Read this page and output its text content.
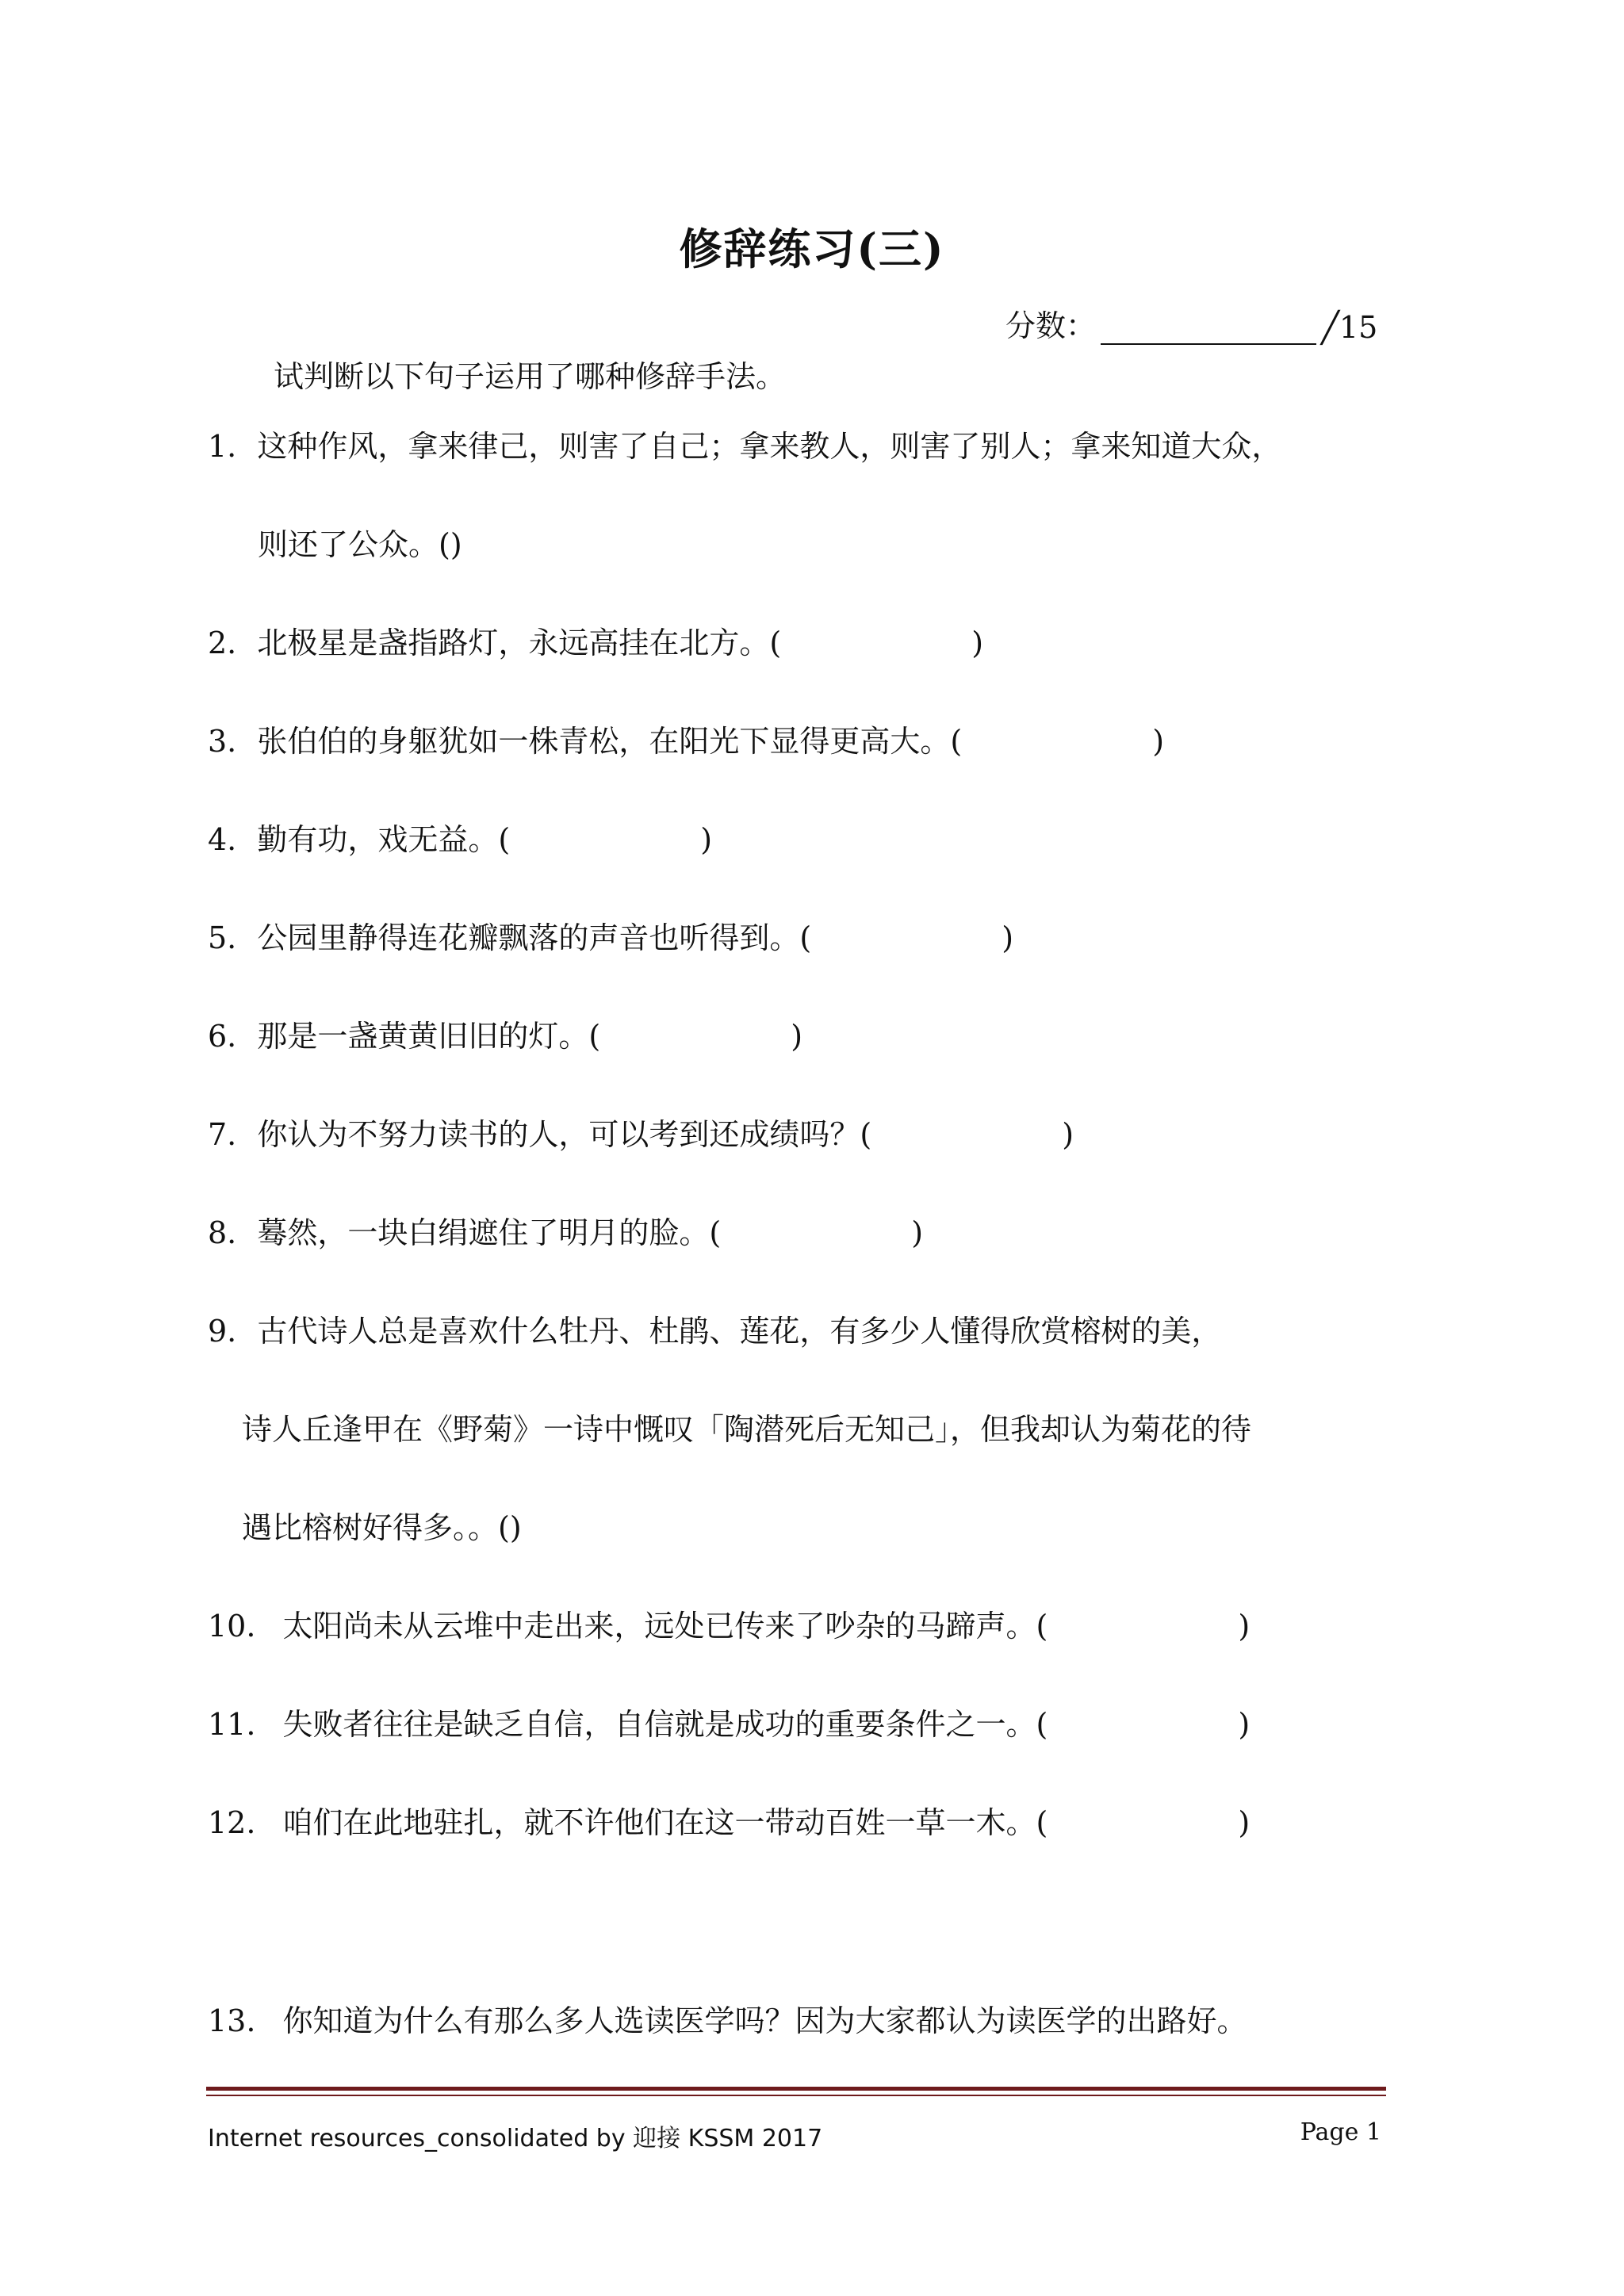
修辞练习(三)
分数：	╱15
试判断以下句子运用了哪种修辞手法。
1. 这种作风，拿来律己，则害了自己；拿来教人，则害了别人；拿来知道大众，
则还了公众。()
2. 北极星是盏指路灯，永远高挂在北方。(	)
3. 张伯伯的身躯犹如一株青松，在阳光下显得更高大。(	)
4. 勤有功，戏无益。(	)
5. 公园里静得连花瓣飘落的声音也听得到。(	)
6. 那是一盏黄黄旧旧的灯。(	)
7. 你认为不努力读书的人，可以考到还成绩吗？(	)
8. 蓦然，一块白绢遮住了明月的脸。(	)
9. 古代诗人总是喜欢什么牡丹、杜鹃、莲花，有多少人懂得欣赏榕树的美，
诗人丘逢甲在《野菊》一诗中慨叹「陶潜死后无知己」，但我却认为菊花的待
遇比榕树好得多。。()
10. 太阳尚未从云堆中走出来，远处已传来了吵杂的马蹄声。(	)
11. 失败者往往是缺乏自信，自信就是成功的重要条件之一。(	)
12. 咱们在此地驻扎，就不许他们在这一带动百姓一草一木。(	)
13. 你知道为什么有那么多人选读医学吗？因为大家都认为读医学的出路好。
Internet resources_consolidated by 迎接 KSSM 2017	Page 1
